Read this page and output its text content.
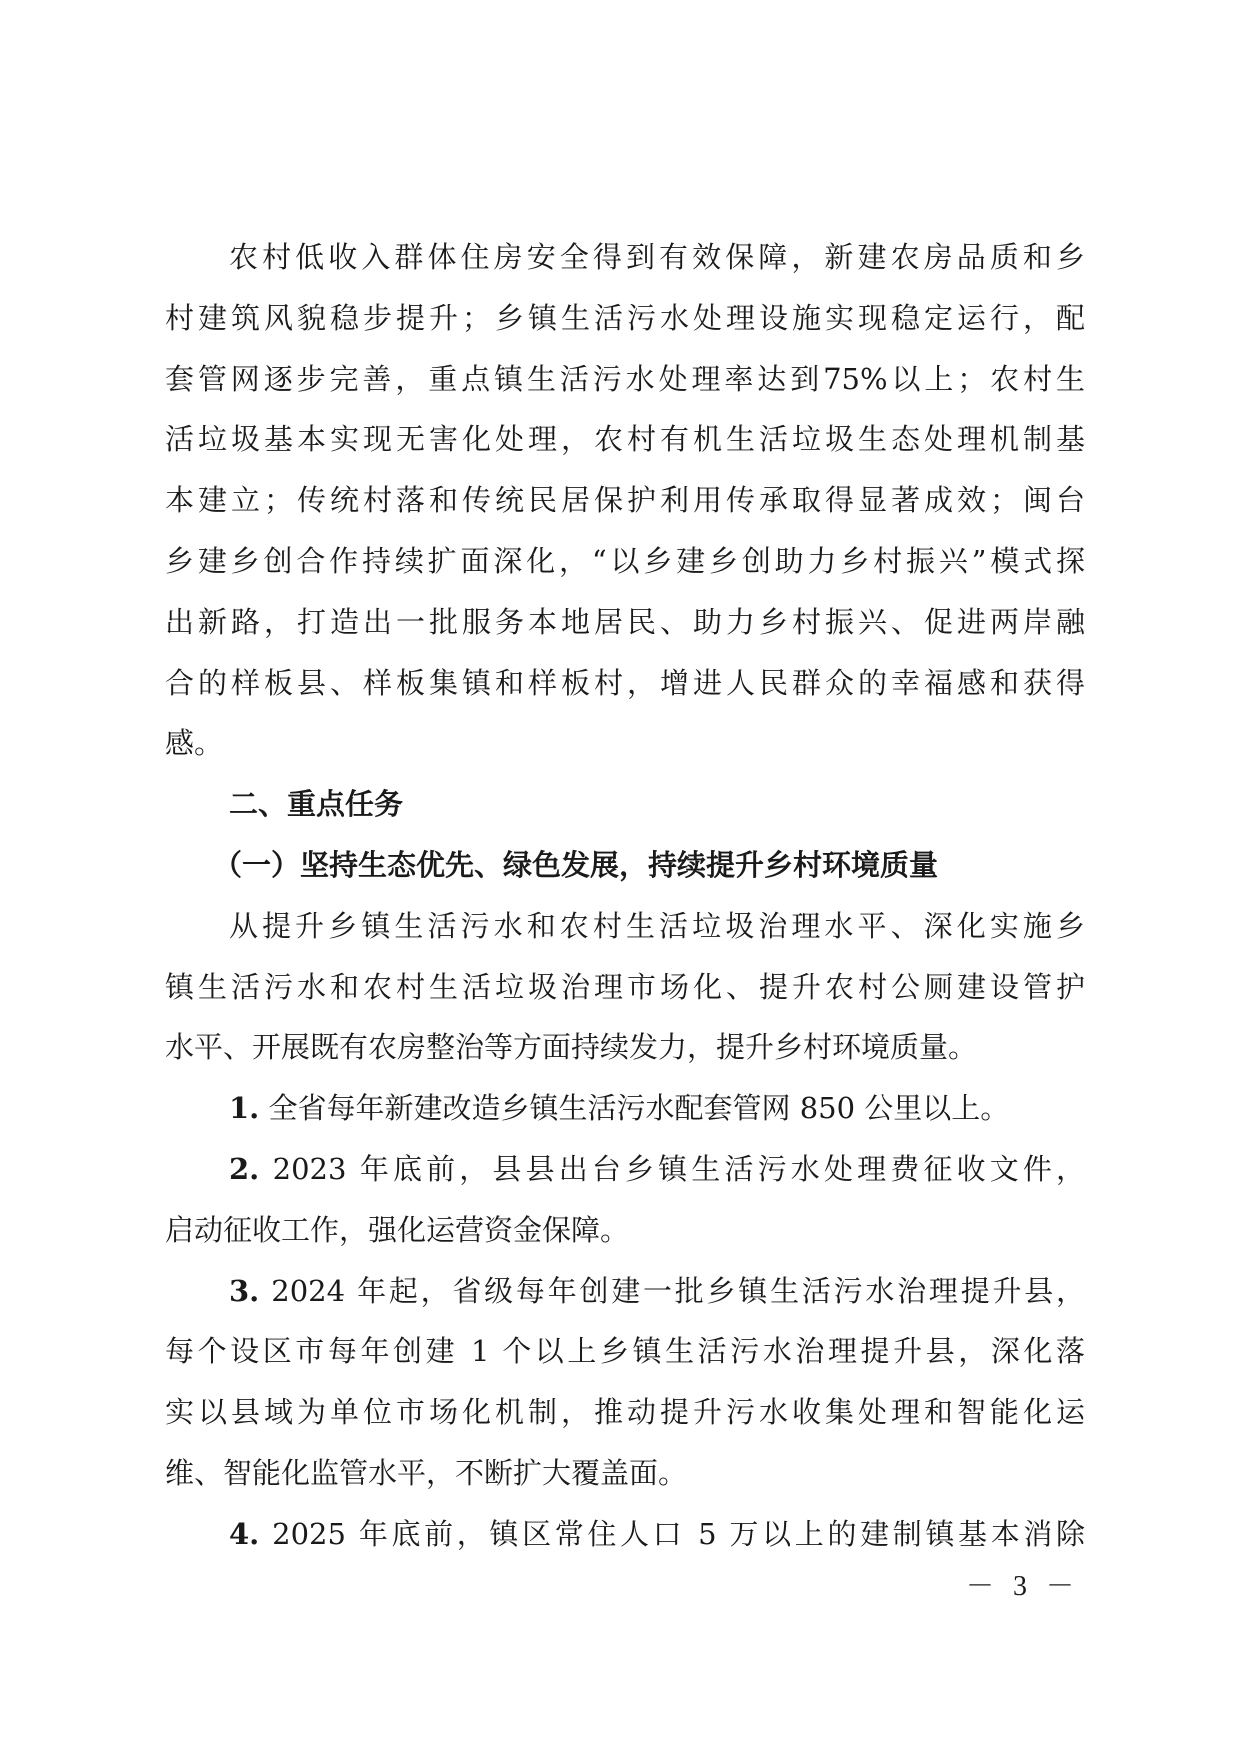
农村低收入群体住房安全得到有效保障，新建农房品质和乡
村建筑风貌稳步提升；乡镇生活污水处理设施实现稳定运行，配
套管网逐步完善，重点镇生活污水处理率达到75%以上；农村生
活垃圾基本实现无害化处理，农村有机生活垃圾生态处理机制基
本建立；传统村落和传统民居保护利用传承取得显著成效；闽台
乡建乡创合作持续扩面深化，“以乡建乡创助力乡村振兴”模式探
出新路，打造出一批服务本地居民、助力乡村振兴、促进两岸融
合的样板县、样板集镇和样板村，增进人民群众的幸福感和获得
感。
二、重点任务
（一）坚持生态优先、绿色发展，持续提升乡村环境质量
从提升乡镇生活污水和农村生活垃圾治理水平、深化实施乡
镇生活污水和农村生活垃圾治理市场化、提升农村公厕建设管护
水平、开展既有农房整治等方面持续发力，提升乡村环境质量。
1. 全省每年新建改造乡镇生活污水配套管网 850 公里以上。
2. 2023 年底前，县县出台乡镇生活污水处理费征收文件，
启动征收工作，强化运营资金保障。
3. 2024 年起，省级每年创建一批乡镇生活污水治理提升县，
每个设区市每年创建 1 个以上乡镇生活污水治理提升县，深化落
实以县域为单位市场化机制，推动提升污水收集处理和智能化运
维、智能化监管水平，不断扩大覆盖面。
4. 2025 年底前，镇区常住人口 5 万以上的建制镇基本消除
－ 3 －
